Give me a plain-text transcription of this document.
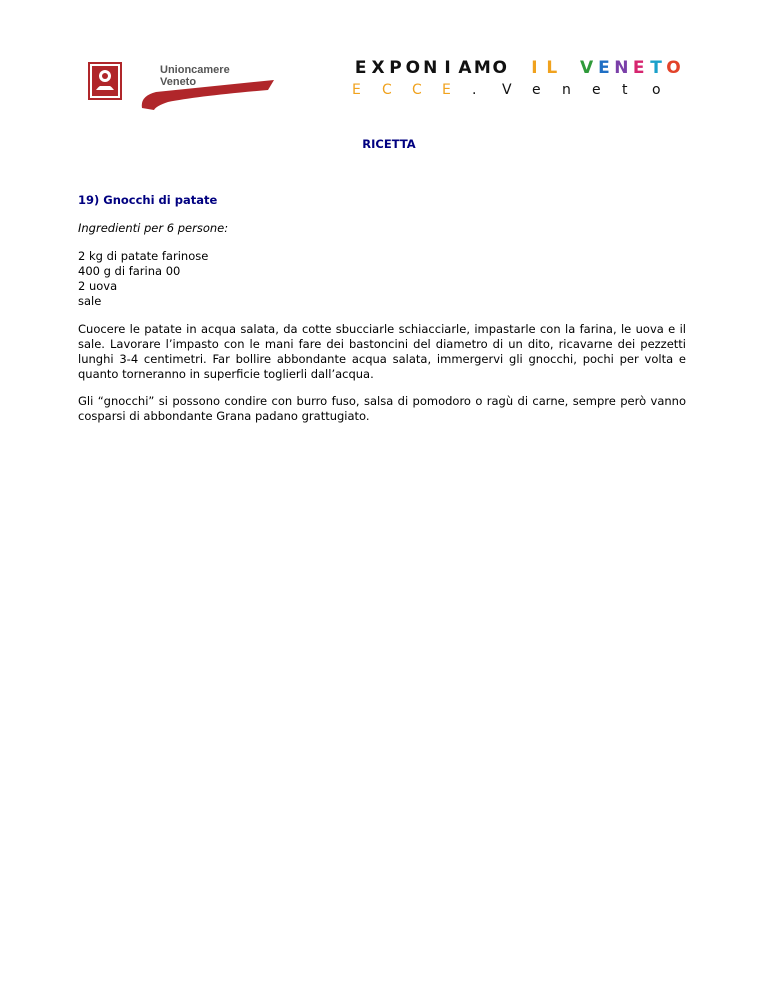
Unioncamere
Veneto
E X P O N I A M O
	I L
V E N E T O
E	C	C	E	.	V	e	n	e	t	o
RICETTA

19) Gnocchi di patate

Ingredienti per 6 persone:

2 kg di patate farinose
400 g di farina 00
2 uova
sale

Cuocere le patate in acqua salata, da cotte sbucciarle schiacciarle, impastarle con la farina, le uova e il sale. Lavorare l’impasto con le mani fare dei bastoncini del diametro di un dito, ricavarne dei pezzetti lunghi 3-4 centimetri. Far bollire abbondante acqua salata, immergervi gli gnocchi, pochi per volta e quanto torneranno in superficie toglierli dall’acqua.

Gli “gnocchi” si possono condire con burro fuso, salsa di pomodoro o ragù di carne, sempre però vanno cosparsi di abbondante Grana padano grattugiato.
